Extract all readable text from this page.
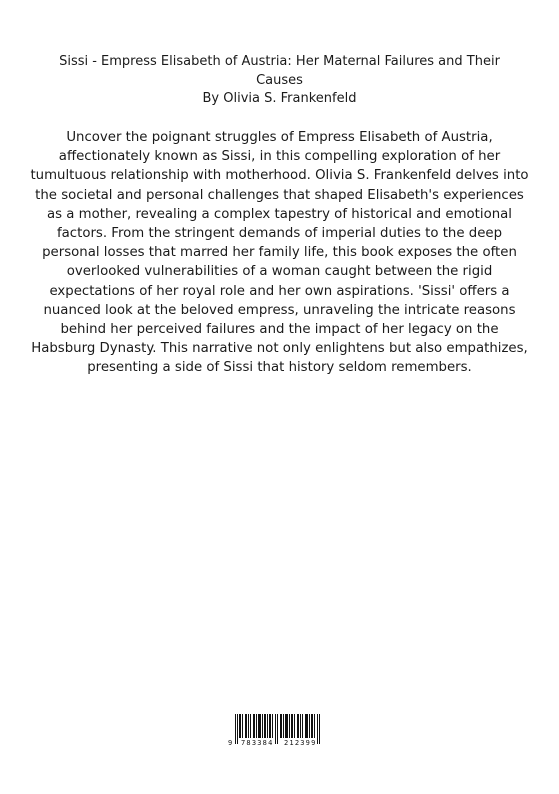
Sissi - Empress Elisabeth of Austria: Her Maternal Failures and Their
Causes
By Olivia S. Frankenfeld

Uncover the poignant struggles of Empress Elisabeth of Austria, affectionately known as Sissi, in this compelling exploration of her tumultuous relationship with motherhood. Olivia S. Frankenfeld delves into the societal and personal challenges that shaped Elisabeth's experiences as a mother, revealing a complex tapestry of historical and emotional factors. From the stringent demands of imperial duties to the deep personal losses that marred her family life, this book exposes the often overlooked vulnerabilities of a woman caught between the rigid expectations of her royal role and her own aspirations. 'Sissi' offers a nuanced look at the beloved empress, unraveling the intricate reasons behind her perceived failures and the impact of her legacy on the Habsburg Dynasty. This narrative not only enlightens but also empathizes, presenting a side of Sissi that history seldom remembers.

9 783384 212399
